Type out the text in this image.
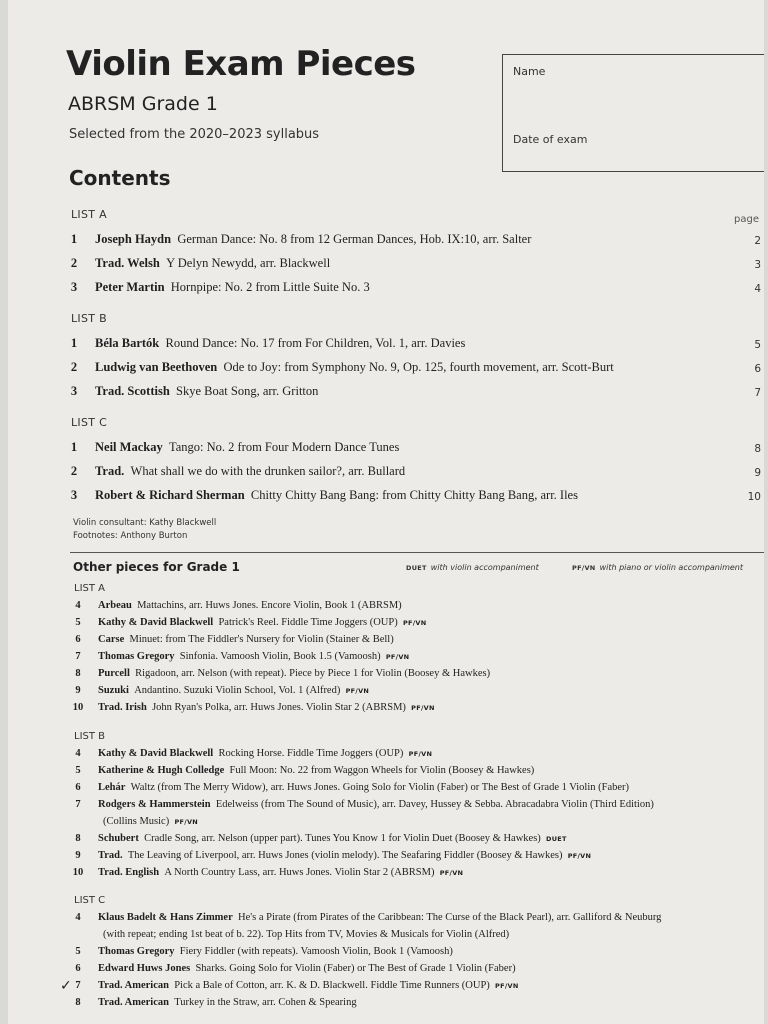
Violin Exam Pieces
ABRSM Grade 1
Selected from the 2020–2023 syllabus
Name
Date of exam
Contents
page
LIST A
1 Joseph Haydn German Dance: No. 8 from 12 German Dances, Hob. IX:10, arr. Salter	2
2 Trad. Welsh Y Delyn Newydd, arr. Blackwell	3
3 Peter Martin Hornpipe: No. 2 from Little Suite No. 3	4
LIST B
1 Béla Bartók Round Dance: No. 17 from For Children, Vol. 1, arr. Davies	5
2 Ludwig van Beethoven Ode to Joy: from Symphony No. 9, Op. 125, fourth movement, arr. Scott-Burt	6
3 Trad. Scottish Skye Boat Song, arr. Gritton	7
LIST C
1 Neil Mackay Tango: No. 2 from Four Modern Dance Tunes	8
2 Trad. What shall we do with the drunken sailor?, arr. Bullard	9
3 Robert & Richard Sherman Chitty Chitty Bang Bang: from Chitty Chitty Bang Bang, arr. Iles	10
Violin consultant: Kathy Blackwell
Footnotes: Anthony Burton
Other pieces for Grade 1	DUET with violin accompaniment	PF/VN with piano or violin accompaniment
LIST A
4	Arbeau Mattachins, arr. Huws Jones. Encore Violin, Book 1 (ABRSM)
5	Kathy & David Blackwell Patrick's Reel. Fiddle Time Joggers (OUP) PF/VN
6	Carse Minuet: from The Fiddler's Nursery for Violin (Stainer & Bell)
7	Thomas Gregory Sinfonia. Vamoosh Violin, Book 1.5 (Vamoosh) PF/VN
8	Purcell Rigadoon, arr. Nelson (with repeat). Piece by Piece 1 for Violin (Boosey & Hawkes)
9	Suzuki Andantino. Suzuki Violin School, Vol. 1 (Alfred) PF/VN
10 Trad. Irish John Ryan's Polka, arr. Huws Jones. Violin Star 2 (ABRSM) PF/VN
LIST B
4	Kathy & David Blackwell Rocking Horse. Fiddle Time Joggers (OUP) PF/VN
5	Katherine & Hugh Colledge Full Moon: No. 22 from Waggon Wheels for Violin (Boosey & Hawkes)
6	Lehár Waltz (from The Merry Widow), arr. Huws Jones. Going Solo for Violin (Faber) or The Best of Grade 1 Violin (Faber)
7	Rodgers & Hammerstein Edelweiss (from The Sound of Music), arr. Davey, Hussey & Sebba. Abracadabra Violin (Third Edition)
(Collins Music) PF/VN
8	Schubert Cradle Song, arr. Nelson (upper part). Tunes You Know 1 for Violin Duet (Boosey & Hawkes) DUET
9	Trad. The Leaving of Liverpool, arr. Huws Jones (violin melody). The Seafaring Fiddler (Boosey & Hawkes) PF/VN
10 Trad. English A North Country Lass, arr. Huws Jones. Violin Star 2 (ABRSM) PF/VN
LIST C
4	Klaus Badelt & Hans Zimmer He's a Pirate (from Pirates of the Caribbean: The Curse of the Black Pearl), arr. Galliford & Neuburg
(with repeat; ending 1st beat of b. 22). Top Hits from TV, Movies & Musicals for Violin (Alfred)
5	Thomas Gregory Fiery Fiddler (with repeats). Vamoosh Violin, Book 1 (Vamoosh)
6	Edward Huws Jones Sharks. Going Solo for Violin (Faber) or The Best of Grade 1 Violin (Faber)
7	Trad. American Pick a Bale of Cotton, arr. K. & D. Blackwell. Fiddle Time Runners (OUP) PF/VN
8	Trad. American Turkey in the Straw, arr. Cohen & Spearing
✓
